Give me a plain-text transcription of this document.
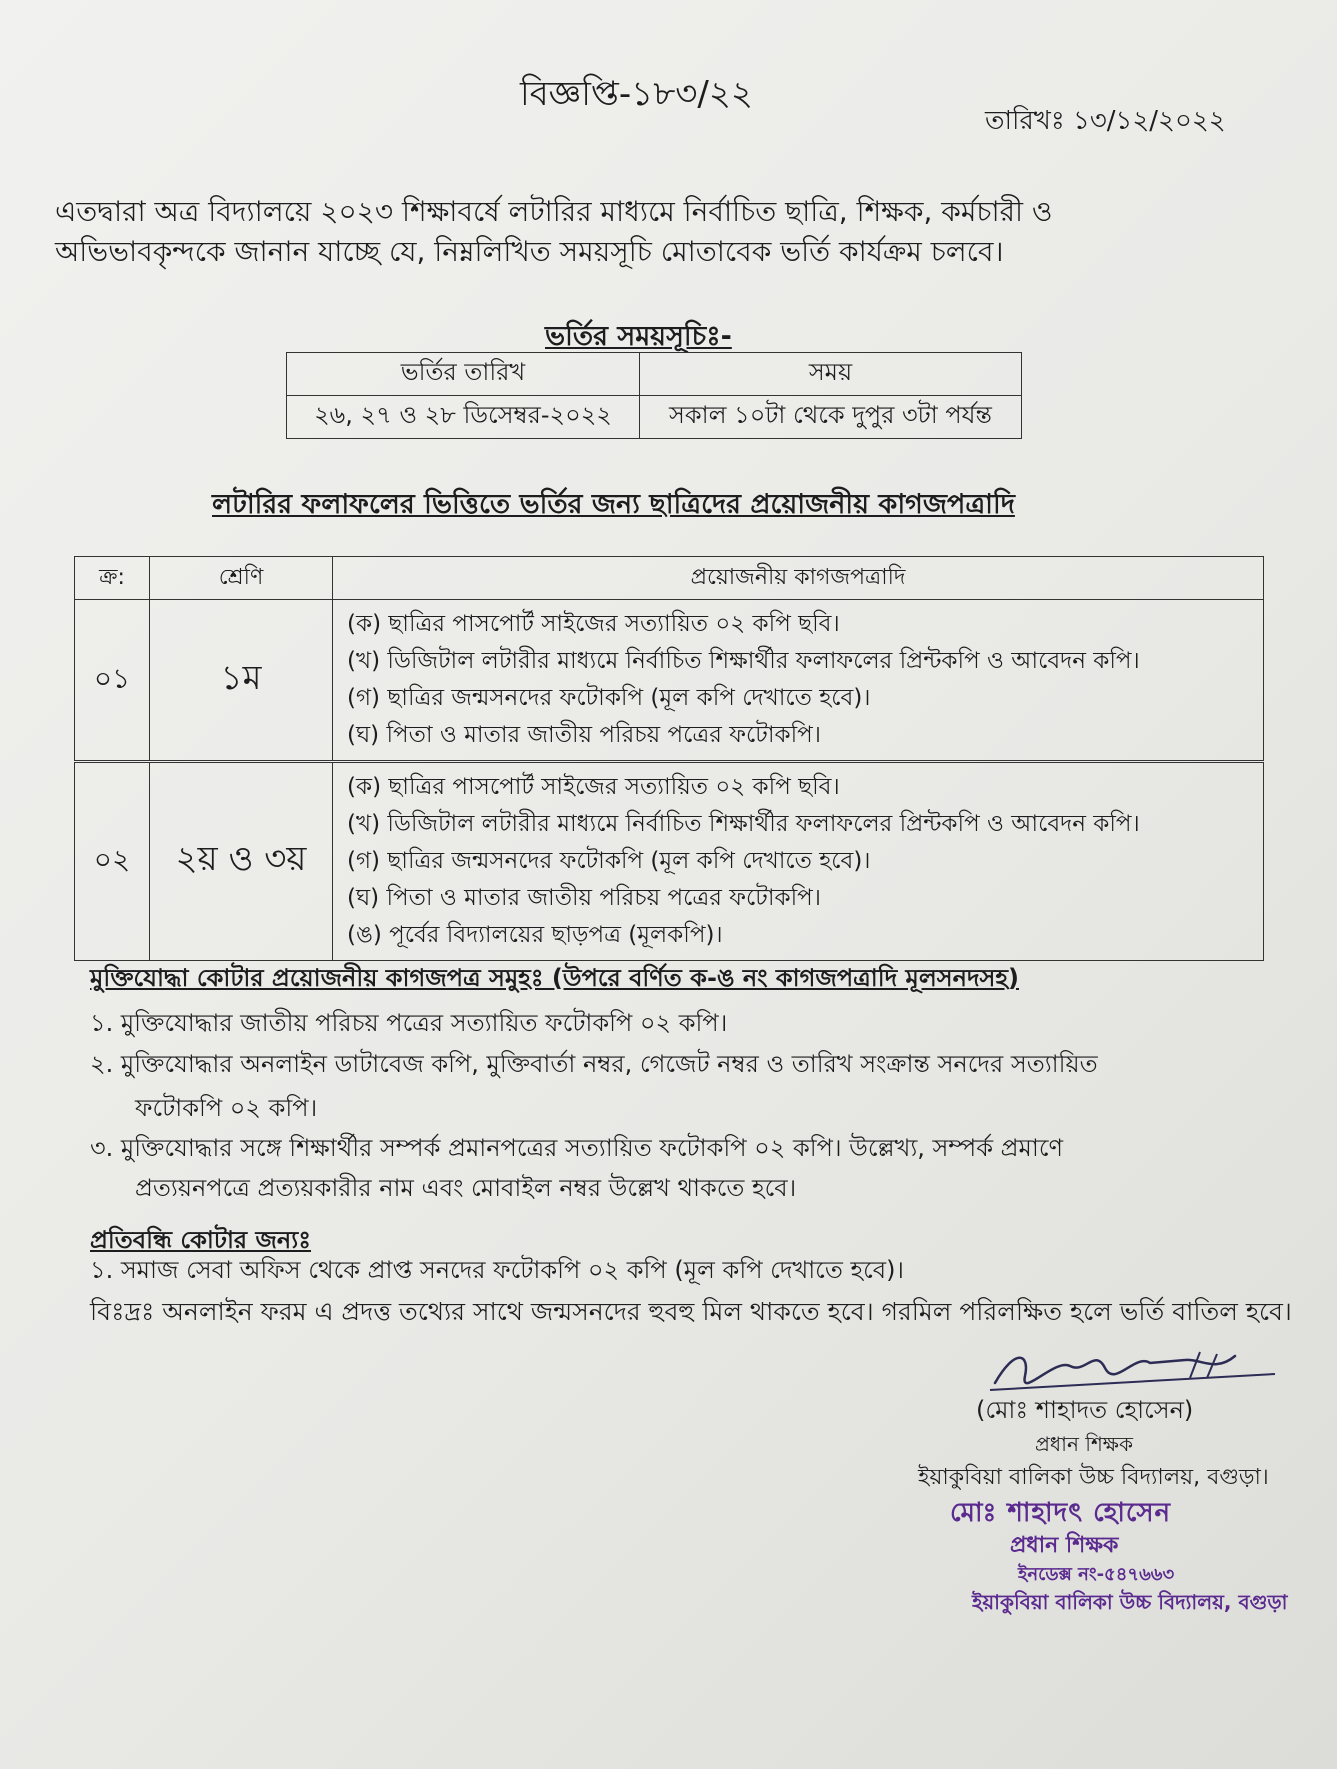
বিজ্ঞপ্তি-১৮৩/২২
তারিখঃ ১৩/১২/২০২২
এতদ্বারা অত্র বিদ্যালয়ে ২০২৩ শিক্ষাবর্ষে লটারির মাধ্যমে নির্বাচিত ছাত্রি, শিক্ষক, কর্মচারী ও
অভিভাবকৃন্দকে জানান যাচ্ছে যে, নিম্নলিখিত সময়সূচি মোতাবেক ভর্তি কার্যক্রম চলবে।
ভর্তির সময়সূচিঃ-
ভর্তির তারিখ	সময়
২৬, ২৭ ও ২৮ ডিসেম্বর-২০২২	সকাল ১০টা থেকে দুপুর ৩টা পর্যন্ত
লটারির ফলাফলের ভিত্তিতে ভর্তির জন্য ছাত্রিদের প্রয়োজনীয় কাগজপত্রাদি
ক্র:	শ্রেণি	প্রয়োজনীয় কাগজপত্রাদি
০১	১ম	(ক) ছাত্রির পাসপোর্ট সাইজের সত্যায়িত ০২ কপি ছবি।
(খ) ডিজিটাল লটারীর মাধ্যমে নির্বাচিত শিক্ষার্থীর ফলাফলের প্রিন্টকপি ও আবেদন কপি।
(গ) ছাত্রির জন্মসনদের ফটোকপি (মূল কপি দেখাতে হবে)।
(ঘ) পিতা ও মাতার জাতীয় পরিচয় পত্রের ফটোকপি।

০২	২য় ও ৩য়	(ক) ছাত্রির পাসপোর্ট সাইজের সত্যায়িত ০২ কপি ছবি।
(খ) ডিজিটাল লটারীর মাধ্যমে নির্বাচিত শিক্ষার্থীর ফলাফলের প্রিন্টকপি ও আবেদন কপি।
(গ) ছাত্রির জন্মসনদের ফটোকপি (মূল কপি দেখাতে হবে)।
(ঘ) পিতা ও মাতার জাতীয় পরিচয় পত্রের ফটোকপি।
(ঙ) পূর্বের বিদ্যালয়ের ছাড়পত্র (মূলকপি)।
মুক্তিযোদ্ধা কোটার প্রয়োজনীয় কাগজপত্র সমুহঃ (উপরে বর্ণিত ক-ঙ নং কাগজপত্রাদি মূলসনদসহ)
১. মুক্তিযোদ্ধার জাতীয় পরিচয় পত্রের সত্যায়িত ফটোকপি ০২ কপি।
২. মুক্তিযোদ্ধার অনলাইন ডাটাবেজ কপি, মুক্তিবার্তা নম্বর, গেজেট নম্বর ও তারিখ সংক্রান্ত সনদের সত্যায়িত
ফটোকপি ০২ কপি।
৩. মুক্তিযোদ্ধার সঙ্গে শিক্ষার্থীর সম্পর্ক প্রমানপত্রের সত্যায়িত ফটোকপি ০২ কপি। উল্লেখ্য, সম্পর্ক প্রমাণে
প্রত্যয়নপত্রে প্রত্যয়কারীর নাম এবং মোবাইল নম্বর উল্লেখ থাকতে হবে।
প্রতিবন্ধি কোটার জন্যঃ
১. সমাজ সেবা অফিস থেকে প্রাপ্ত সনদের ফটোকপি ০২ কপি (মূল কপি দেখাতে হবে)।
বিঃদ্রঃ অনলাইন ফরম এ প্রদত্ত তথ্যের সাথে জন্মসনদের হুবহু মিল থাকতে হবে। গরমিল পরিলক্ষিত হলে ভর্তি বাতিল হবে।
(মোঃ শাহাদত হোসেন)
প্রধান শিক্ষক
ইয়াকুবিয়া বালিকা উচ্চ বিদ্যালয়, বগুড়া।
মোঃ শাহাদৎ হোসেন
প্রধান শিক্ষক
ইনডেক্স নং-৫৪৭৬৬৩
ইয়াকুবিয়া বালিকা উচ্চ বিদ্যালয়, বগুড়া
